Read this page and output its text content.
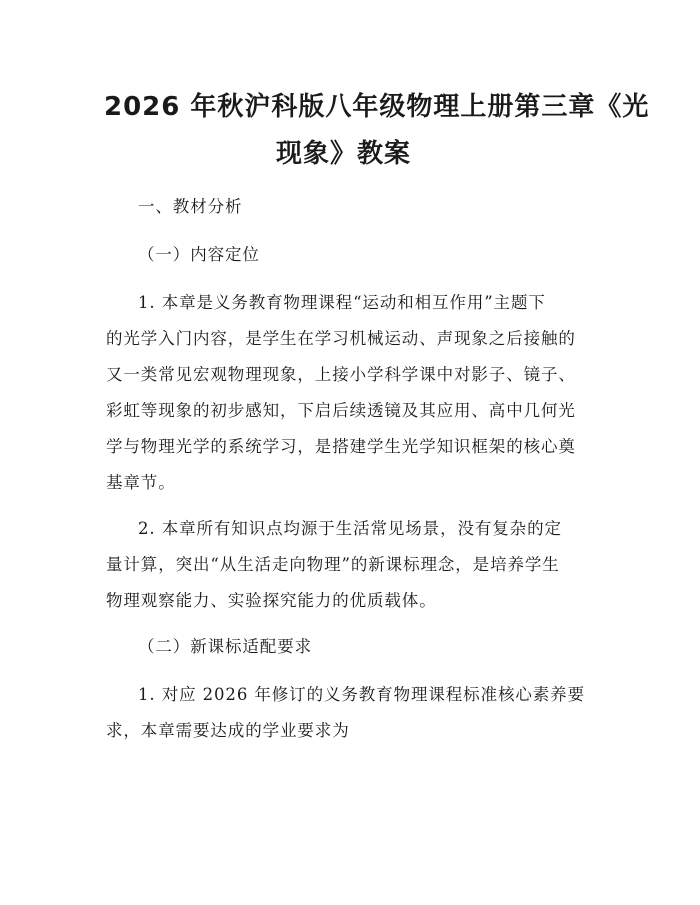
2026 年秋沪科版八年级物理上册第三章《光
现象》教案
一、教材分析
（一）内容定位
1. 本章是义务教育物理课程“运动和相互作用”主题下
的光学入门内容，是学生在学习机械运动、声现象之后接触的
又一类常见宏观物理现象，上接小学科学课中对影子、镜子、
彩虹等现象的初步感知，下启后续透镜及其应用、高中几何光
学与物理光学的系统学习，是搭建学生光学知识框架的核心奠
基章节。
2. 本章所有知识点均源于生活常见场景，没有复杂的定
量计算，突出“从生活走向物理”的新课标理念，是培养学生
物理观察能力、实验探究能力的优质载体。
（二）新课标适配要求
1. 对应 2026 年修订的义务教育物理课程标准核心素养要
求，本章需要达成的学业要求为
